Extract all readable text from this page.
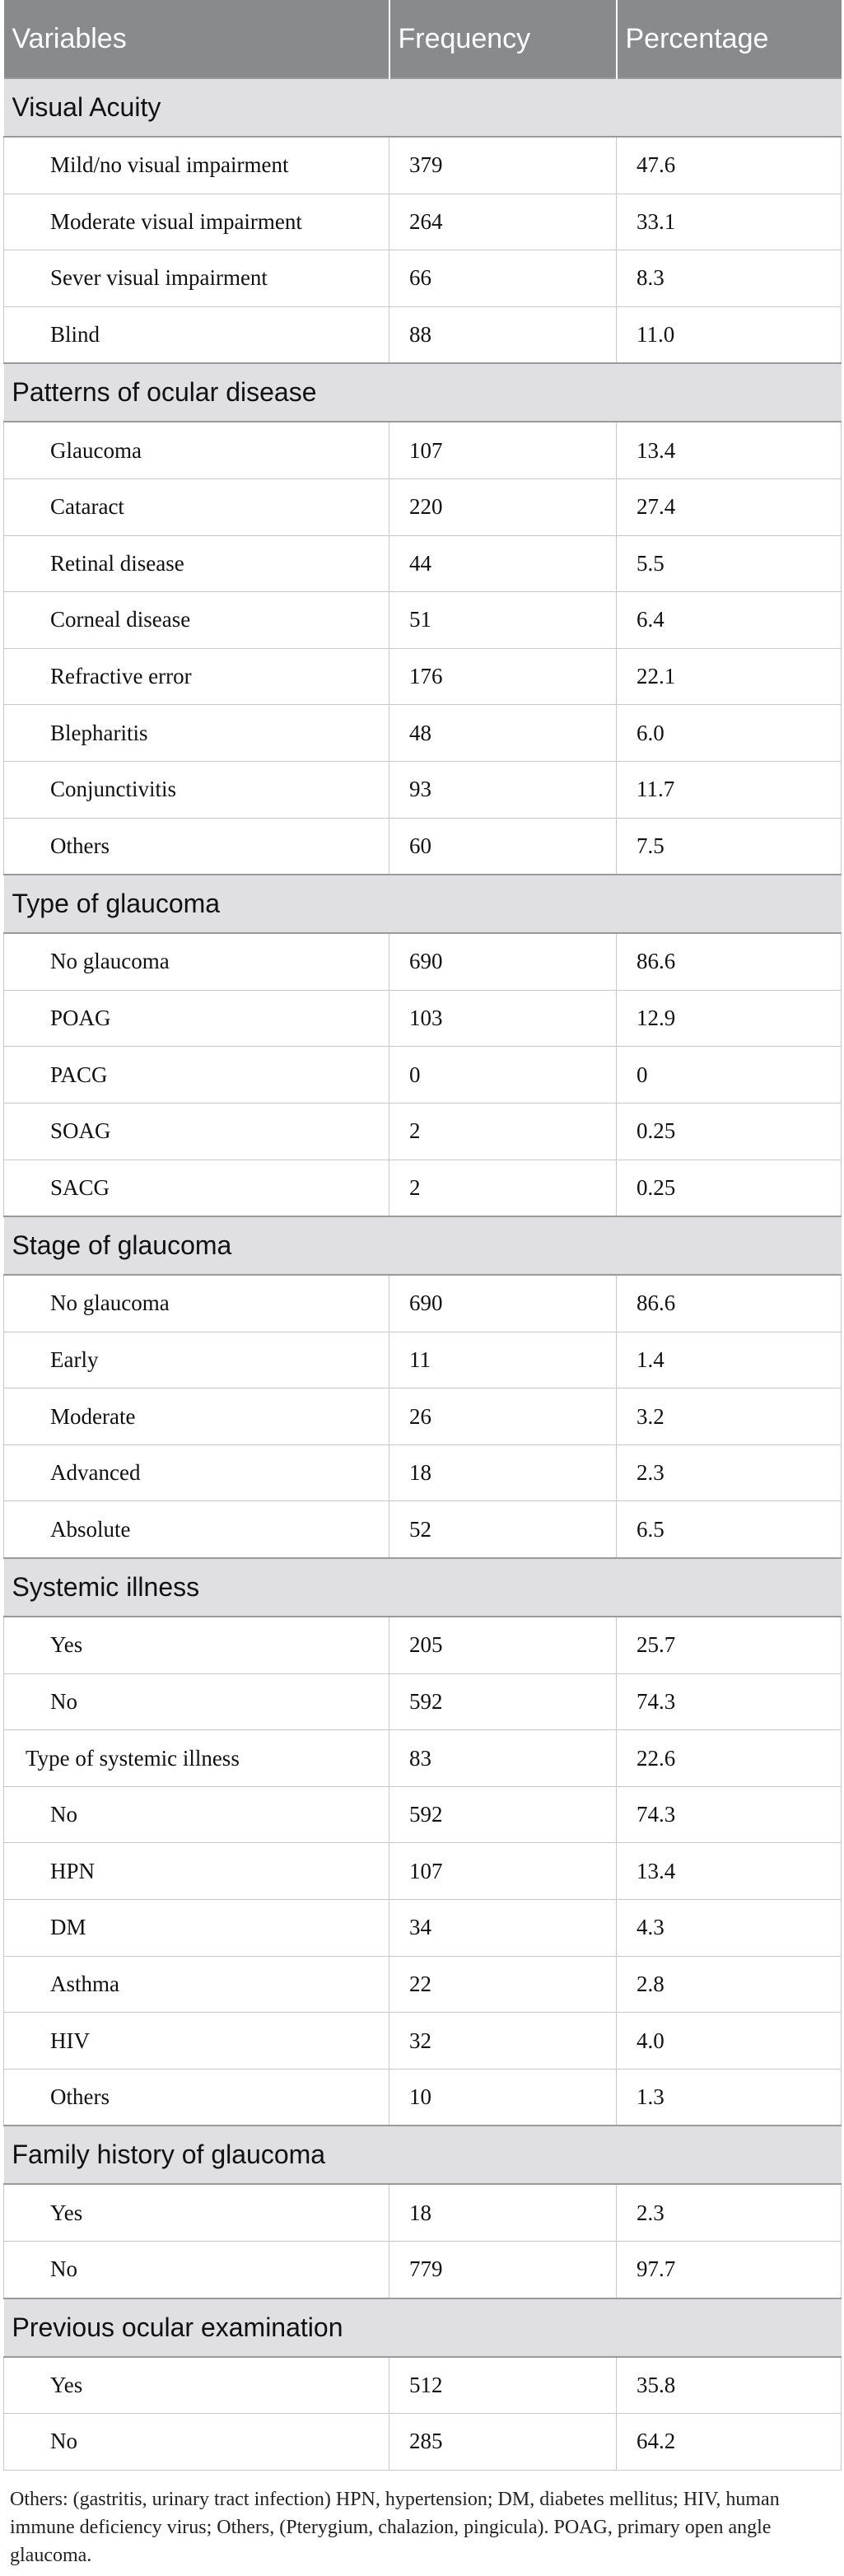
Variables	Frequency	Percentage
Visual Acuity		
Mild/no visual impairment	379	47.6
Moderate visual impairment	264	33.1
Sever visual impairment	66	8.3
Blind	88	11.0
Patterns of ocular disease		
Glaucoma	107	13.4
Cataract	220	27.4
Retinal disease	44	5.5
Corneal disease	51	6.4
Refractive error	176	22.1
Blepharitis	48	6.0
Conjunctivitis	93	11.7
Others	60	7.5
Type of glaucoma		
No glaucoma	690	86.6
POAG	103	12.9
PACG	0	0
SOAG	2	0.25
SACG	2	0.25
Stage of glaucoma		
No glaucoma	690	86.6
Early	11	1.4
Moderate	26	3.2
Advanced	18	2.3
Absolute	52	6.5
Systemic illness		
Yes	205	25.7
No	592	74.3
Type of systemic illness	83	22.6
No	592	74.3
HPN	107	13.4
DM	34	4.3
Asthma	22	2.8
HIV	32	4.0
Others	10	1.3
Family history of glaucoma		
Yes	18	2.3
No	779	97.7
Previous ocular examination		
Yes	512	35.8
No	285	64.2
Others: (gastritis, urinary tract infection) HPN, hypertension; DM, diabetes mellitus; HIV, human immune deficiency virus; Others, (Pterygium, chalazion, pingicula). POAG, primary open angle glaucoma.
